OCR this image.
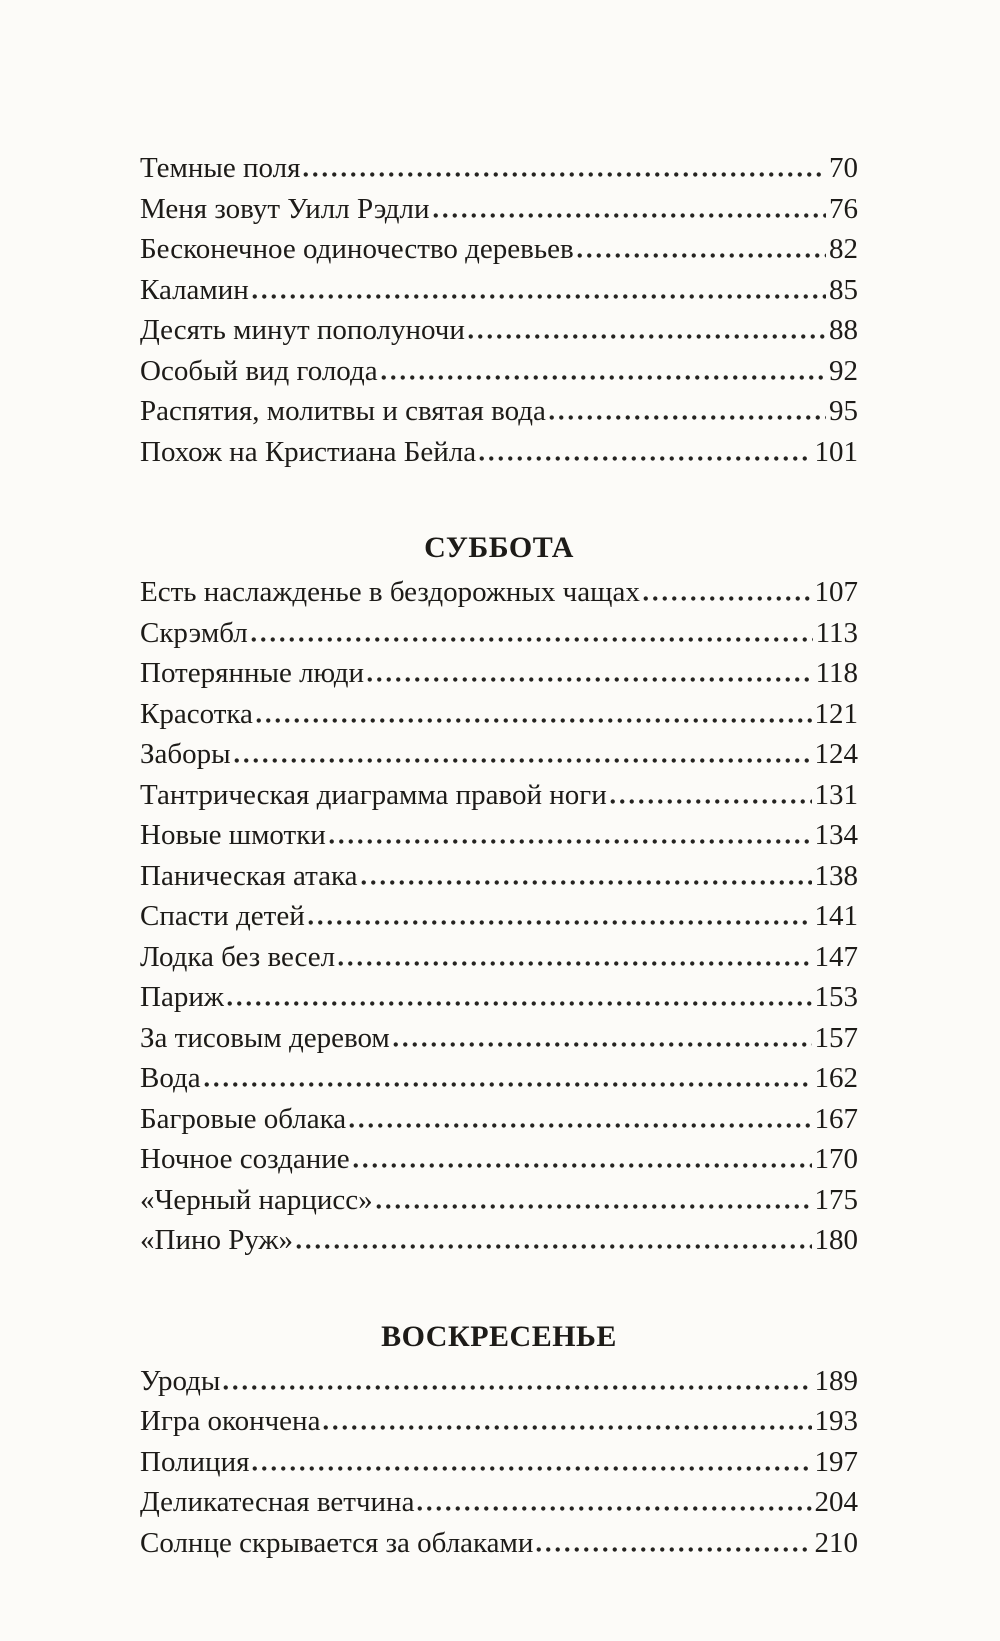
Темные поля	70
Меня зовут Уилл Рэдли	76
Бесконечное одиночество деревьев	82
Каламин	85
Десять минут пополуночи	88
Особый вид голода	92
Распятия, молитвы и святая вода	95
Похож на Кристиана Бейла	101
СУББОТА
Есть наслажденье в бездорожных чащах	107
Скрэмбл	113
Потерянные люди	118
Красотка	121
Заборы	124
Тантрическая диаграмма правой ноги	131
Новые шмотки	134
Паническая атака	138
Спасти детей	141
Лодка без весел	147
Париж	153
За тисовым деревом	157
Вода	162
Багровые облака	167
Ночное создание	170
«Черный нарцисс»	175
«Пино Руж»	180
ВОСКРЕСЕНЬЕ
Уроды	189
Игра окончена	193
Полиция	197
Деликатесная ветчина	204
Солнце скрывается за облаками	210
